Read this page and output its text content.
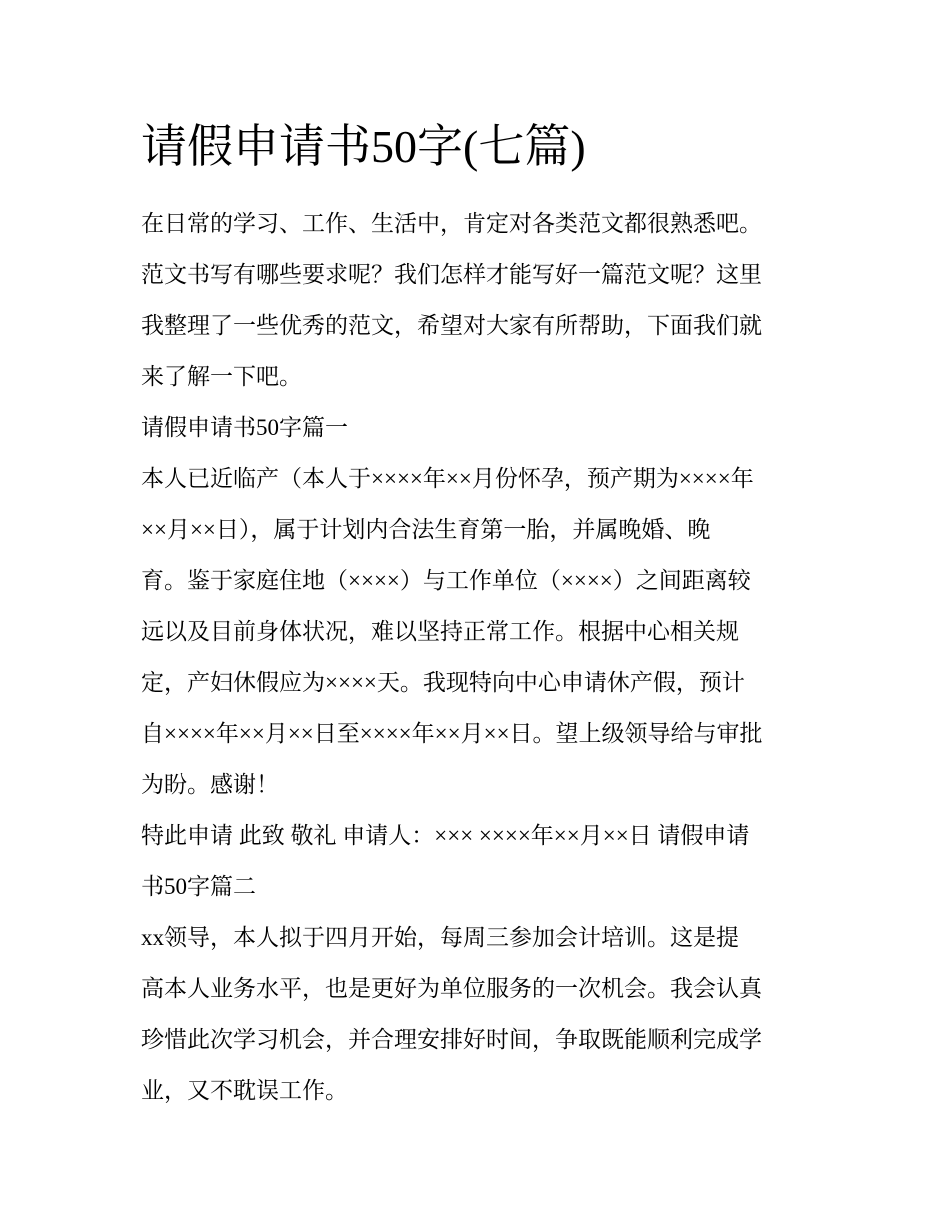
请假申请书50字(七篇)
在日常的学习、工作、生活中，肯定对各类范文都很熟悉吧。
范文书写有哪些要求呢？我们怎样才能写好一篇范文呢？这里
我整理了一些优秀的范文，希望对大家有所帮助，下面我们就
来了解一下吧。
请假申请书50字篇一
本人已近临产（本人于××××年××月份怀孕，预产期为××××年
××月××日），属于计划内合法生育第一胎，并属晚婚、晚
育。鉴于家庭住地（××××）与工作单位（××××）之间距离较
远以及目前身体状况，难以坚持正常工作。根据中心相关规
定，产妇休假应为××××天。我现特向中心申请休产假，预计
自××××年××月××日至××××年××月××日。望上级领导给与审批
为盼。感谢！
特此申请 此致 敬礼 申请人：××× ××××年××月××日 请假申请
书50字篇二
xx领导，本人拟于四月开始，每周三参加会计培训。这是提
高本人业务水平，也是更好为单位服务的一次机会。我会认真
珍惜此次学习机会，并合理安排好时间，争取既能顺利完成学
业，又不耽误工作。
